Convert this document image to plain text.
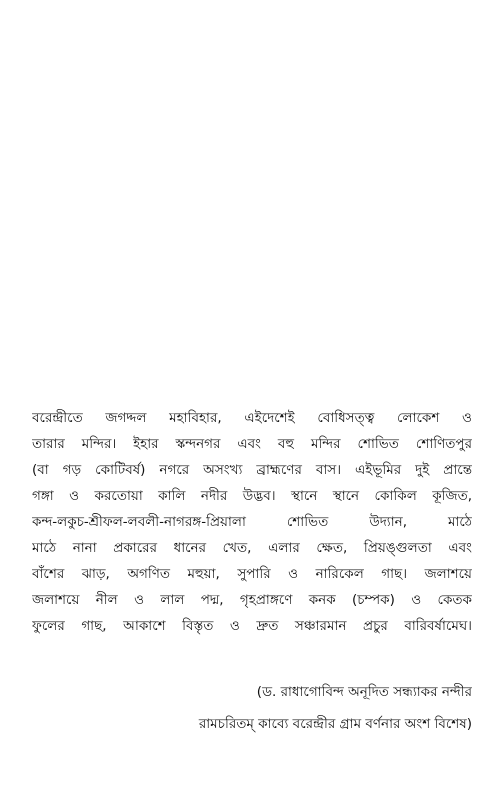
বরেন্দ্রীতে জগদ্দল মহাবিহার, এইদেশেই বোধিসত্ত্ব লোকেশ ও
তারার মন্দির। ইহার স্কন্দনগর এবং বহু মন্দির শোভিত শোণিতপুর
(বা গড় কোটিবর্ষ) নগরে অসংখ্য ব্রাহ্মণের বাস। এইভূমির দুই প্রান্তে
গঙ্গা ও করতোয়া কালি নদীর উদ্ভব। স্থানে স্থানে কোকিল কূজিত,
কন্দ-লকুচ-শ্রীফল-লবলী-নাগরঙ্গ-প্রিয়ালা শোভিত উদ্যান, মাঠে
মাঠে নানা প্রকারের ধানের খেত, এলার ক্ষেত, প্রিয়ঙ্গুলতা এবং
বাঁশের ঝাড়, অগণিত মহুয়া, সুপারি ও নারিকেল গাছ। জলাশয়ে
জলাশয়ে নীল ও লাল পদ্ম, গৃহপ্রাঙ্গণে কনক (চম্পক) ও কেতক
ফুলের গাছ, আকাশে বিস্তৃত ও দ্রুত সঞ্চারমান প্রচুর বারিবর্ষামেঘ।
(ড. রাধাগোবিন্দ অনূদিত সন্ধ্যাকর নন্দীর
রামচরিতম্ কাব্যে বরেন্দ্রীর গ্রাম বর্ণনার অংশ বিশেষ)
